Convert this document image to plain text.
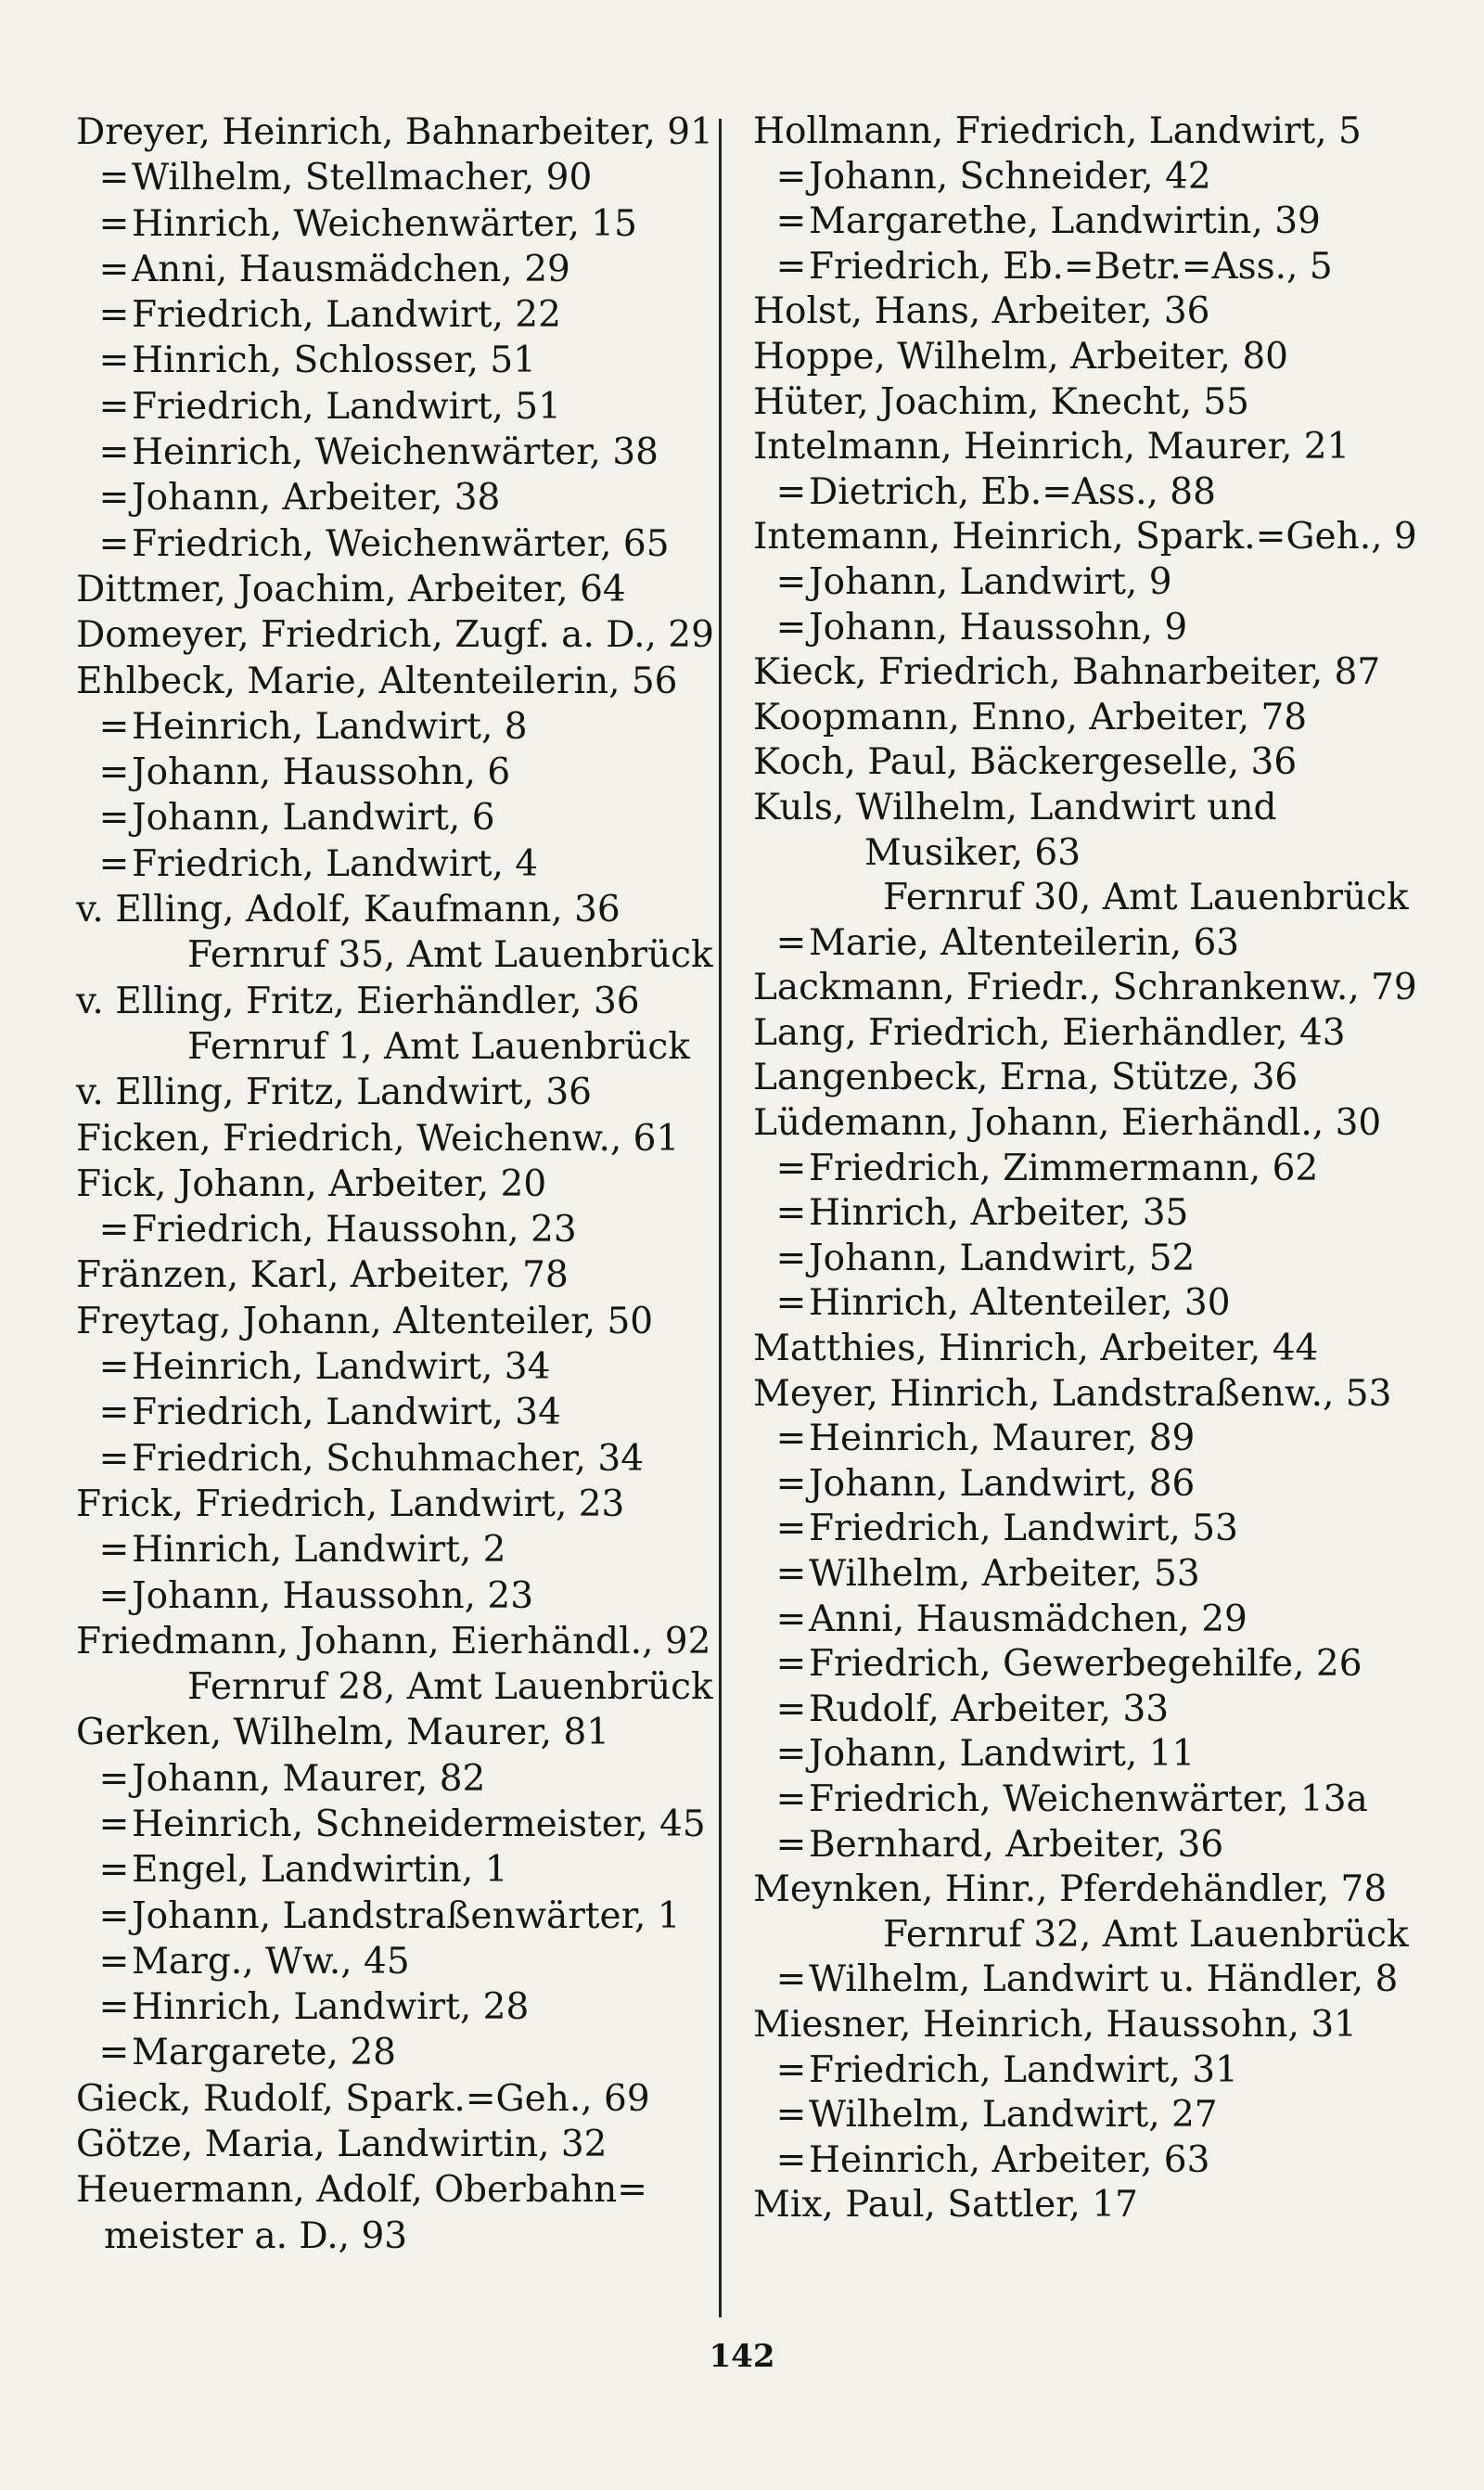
Dreyer, Heinrich, Bahnarbeiter, 91
=Wilhelm, Stellmacher, 90
=Hinrich, Weichenwärter, 15
=Anni, Hausmädchen, 29
=Friedrich, Landwirt, 22
=Hinrich, Schlosser, 51
=Friedrich, Landwirt, 51
=Heinrich, Weichenwärter, 38
=Johann, Arbeiter, 38
=Friedrich, Weichenwärter, 65
Dittmer, Joachim, Arbeiter, 64
Domeyer, Friedrich, Zugf. a. D., 29
Ehlbeck, Marie, Altenteilerin, 56
=Heinrich, Landwirt, 8
=Johann, Haussohn, 6
=Johann, Landwirt, 6
=Friedrich, Landwirt, 4
v. Elling, Adolf, Kaufmann, 36
Fernruf 35, Amt Lauenbrück
v. Elling, Fritz, Eierhändler, 36
Fernruf 1, Amt Lauenbrück
v. Elling, Fritz, Landwirt, 36
Ficken, Friedrich, Weichenw., 61
Fick, Johann, Arbeiter, 20
=Friedrich, Haussohn, 23
Fränzen, Karl, Arbeiter, 78
Freytag, Johann, Altenteiler, 50
=Heinrich, Landwirt, 34
=Friedrich, Landwirt, 34
=Friedrich, Schuhmacher, 34
Frick, Friedrich, Landwirt, 23
=Hinrich, Landwirt, 2
=Johann, Haussohn, 23
Friedmann, Johann, Eierhändl., 92
Fernruf 28, Amt Lauenbrück
Gerken, Wilhelm, Maurer, 81
=Johann, Maurer, 82
=Heinrich, Schneidermeister, 45
=Engel, Landwirtin, 1
=Johann, Landstraßenwärter, 1
=Marg., Ww., 45
=Hinrich, Landwirt, 28
=Margarete, 28
Gieck, Rudolf, Spark.=Geh., 69
Götze, Maria, Landwirtin, 32
Heuermann, Adolf, Oberbahn=
meister a. D., 93
Hollmann, Friedrich, Landwirt, 5
=Johann, Schneider, 42
=Margarethe, Landwirtin, 39
=Friedrich, Eb.=Betr.=Ass., 5
Holst, Hans, Arbeiter, 36
Hoppe, Wilhelm, Arbeiter, 80
Hüter, Joachim, Knecht, 55
Intelmann, Heinrich, Maurer, 21
=Dietrich, Eb.=Ass., 88
Intemann, Heinrich, Spark.=Geh., 9
=Johann, Landwirt, 9
=Johann, Haussohn, 9
Kieck, Friedrich, Bahnarbeiter, 87
Koopmann, Enno, Arbeiter, 78
Koch, Paul, Bäckergeselle, 36
Kuls, Wilhelm, Landwirt und
Musiker, 63
Fernruf 30, Amt Lauenbrück
=Marie, Altenteilerin, 63
Lackmann, Friedr., Schrankenw., 79
Lang, Friedrich, Eierhändler, 43
Langenbeck, Erna, Stütze, 36
Lüdemann, Johann, Eierhändl., 30
=Friedrich, Zimmermann, 62
=Hinrich, Arbeiter, 35
=Johann, Landwirt, 52
=Hinrich, Altenteiler, 30
Matthies, Hinrich, Arbeiter, 44
Meyer, Hinrich, Landstraßenw., 53
=Heinrich, Maurer, 89
=Johann, Landwirt, 86
=Friedrich, Landwirt, 53
=Wilhelm, Arbeiter, 53
=Anni, Hausmädchen, 29
=Friedrich, Gewerbegehilfe, 26
=Rudolf, Arbeiter, 33
=Johann, Landwirt, 11
=Friedrich, Weichenwärter, 13a
=Bernhard, Arbeiter, 36
Meynken, Hinr., Pferdehändler, 78
Fernruf 32, Amt Lauenbrück
=Wilhelm, Landwirt u. Händler, 8
Miesner, Heinrich, Haussohn, 31
=Friedrich, Landwirt, 31
=Wilhelm, Landwirt, 27
=Heinrich, Arbeiter, 63
Mix, Paul, Sattler, 17
142
